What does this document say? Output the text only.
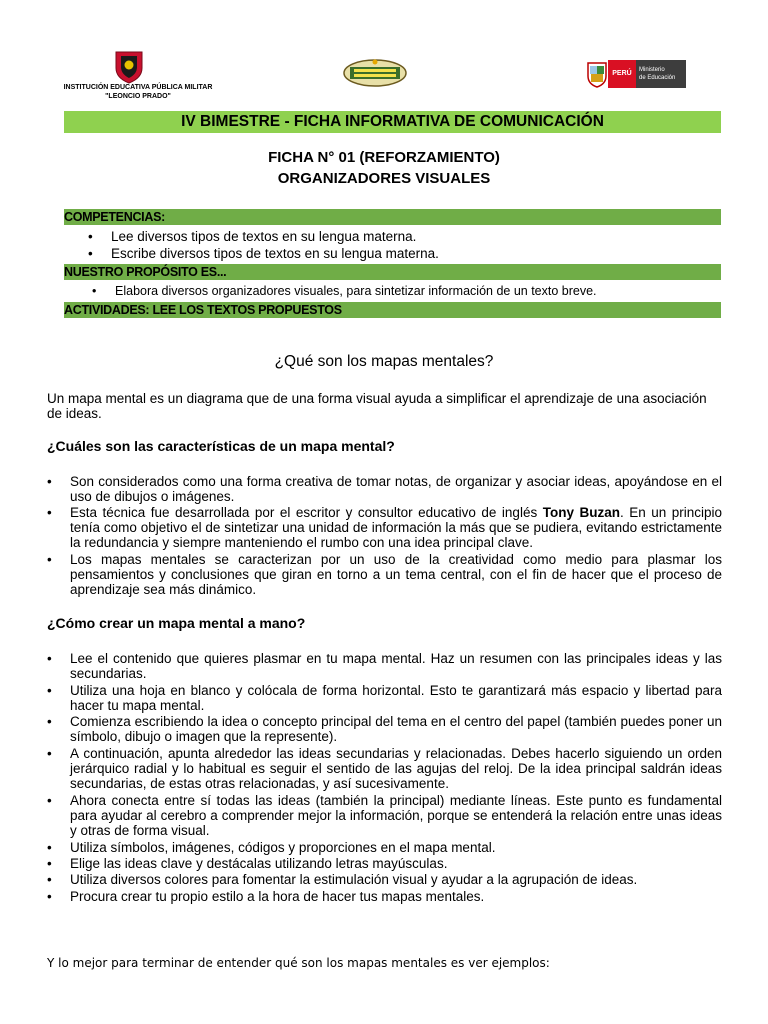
INSTITUCIÓN EDUCATIVA PÚBLICA MILITAR
"LEONCIO PRADO"
PERÚ	Ministerio
de Educación
IV BIMESTRE - FICHA INFORMATIVA DE COMUNICACIÓN
FICHA N° 01 (REFORZAMIENTO)
ORGANIZADORES VISUALES
COMPETENCIAS:
• Lee diversos tipos de textos en su lengua materna.
• Escribe diversos tipos de textos en su lengua materna.
NUESTRO PROPÓSITO ES...
• Elabora diversos organizadores visuales, para sintetizar información de un texto breve.
ACTIVIDADES: LEE LOS TEXTOS PROPUESTOS
¿Qué son los mapas mentales?
Un mapa mental es un diagrama que de una forma visual ayuda a simplificar el aprendizaje de una asociación de ideas.
¿Cuáles son las características de un mapa mental?
• Son considerados como una forma creativa de tomar notas, de organizar y asociar ideas, apoyándose en el uso de dibujos o imágenes.
• Esta técnica fue desarrollada por el escritor y consultor educativo de inglés Tony Buzan. En un principio tenía como objetivo el de sintetizar una unidad de información la más que se pudiera, evitando estrictamente la redundancia y siempre manteniendo el rumbo con una idea principal clave.
• Los mapas mentales se caracterizan por un uso de la creatividad como medio para plasmar los pensamientos y conclusiones que giran en torno a un tema central, con el fin de hacer que el proceso de aprendizaje sea más dinámico.
¿Cómo crear un mapa mental a mano?
• Lee el contenido que quieres plasmar en tu mapa mental. Haz un resumen con las principales ideas y las secundarias.
• Utiliza una hoja en blanco y colócala de forma horizontal. Esto te garantizará más espacio y libertad para hacer tu mapa mental.
• Comienza escribiendo la idea o concepto principal del tema en el centro del papel (también puedes poner un símbolo, dibujo o imagen que la represente).
• A continuación, apunta alrededor las ideas secundarias y relacionadas. Debes hacerlo siguiendo un orden jerárquico radial y lo habitual es seguir el sentido de las agujas del reloj. De la idea principal saldrán ideas secundarias, de estas otras relacionadas, y así sucesivamente.
• Ahora conecta entre sí todas las ideas (también la principal) mediante líneas. Este punto es fundamental para ayudar al cerebro a comprender mejor la información, porque se entenderá la relación entre unas ideas y otras de forma visual.
• Utiliza símbolos, imágenes, códigos y proporciones en el mapa mental.
• Elige las ideas clave y destácalas utilizando letras mayúsculas.
• Utiliza diversos colores para fomentar la estimulación visual y ayudar a la agrupación de ideas.
• Procura crear tu propio estilo a la hora de hacer tus mapas mentales.
Y lo mejor para terminar de entender qué son los mapas mentales es ver ejemplos:
